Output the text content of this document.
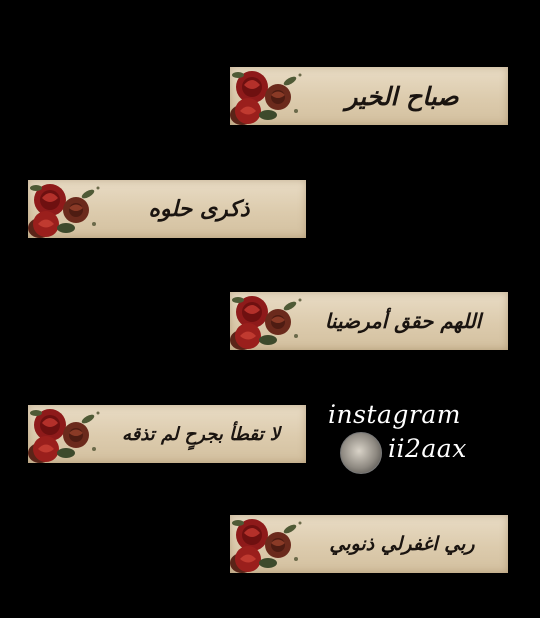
صباح الخير
ذكرى حلوه
اللهم حقق أمرضينا
لا تقطأ بجرحٍ لم تذقه
ربي اغفرلي ذنوبي
instagram
ii2aax
